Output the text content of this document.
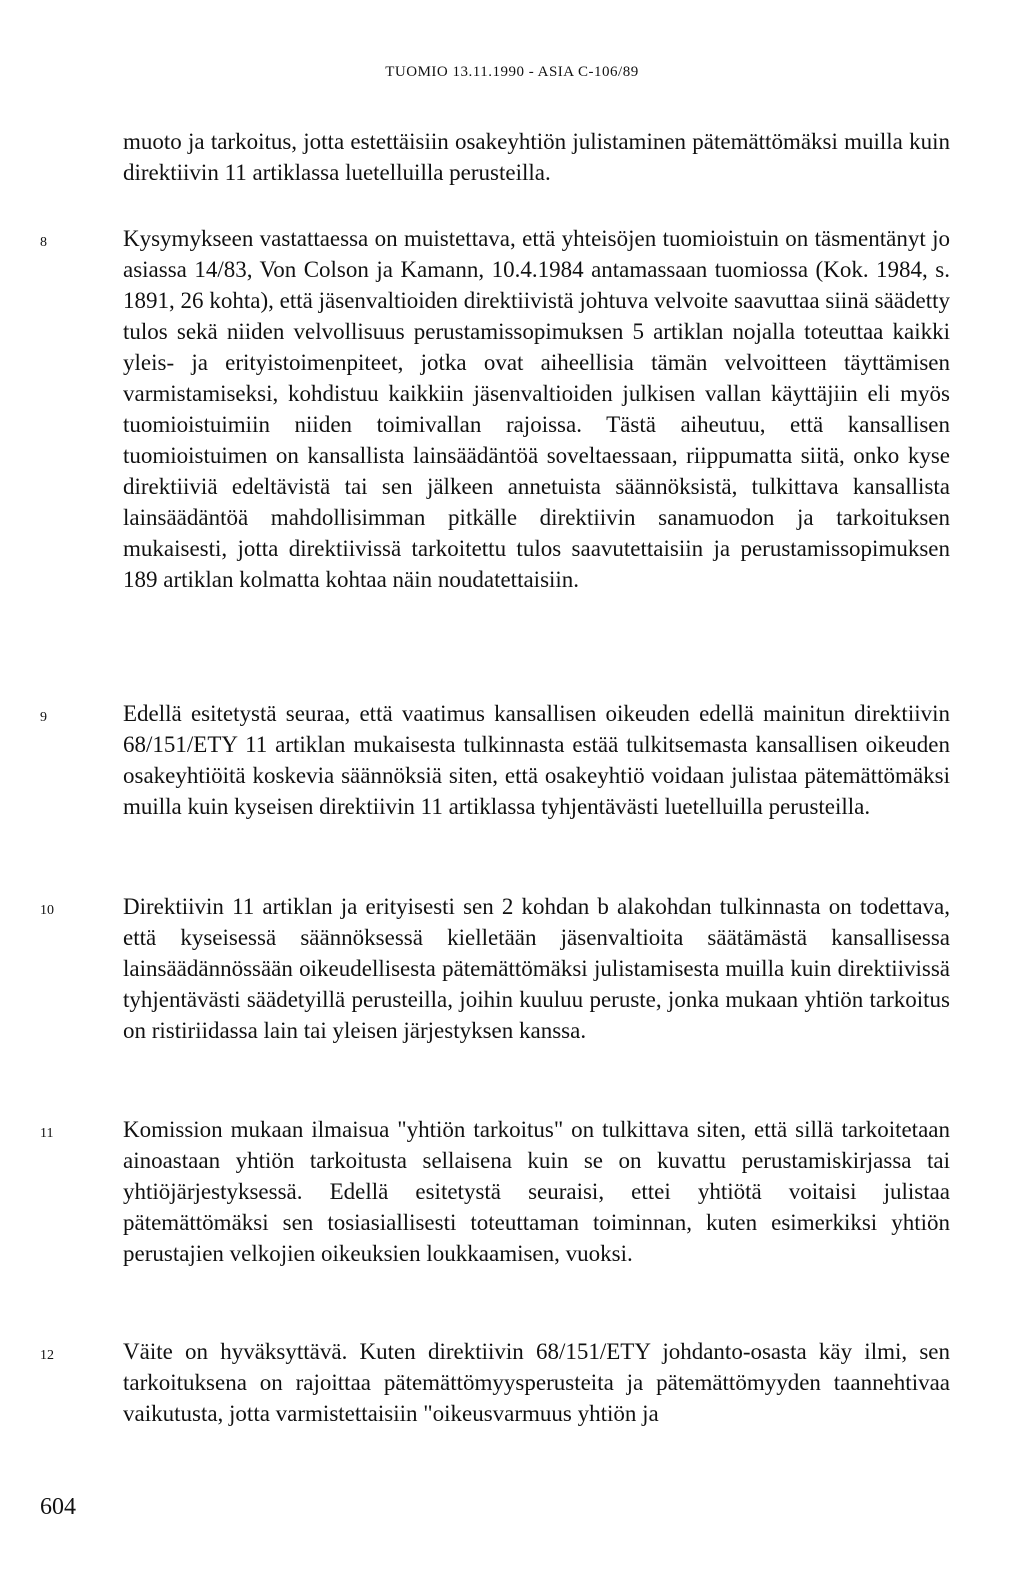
TUOMIO 13.11.1990 - ASIA C-106/89

muoto ja tarkoitus, jotta estettäisiin osakeyhtiön julistaminen pätemättömäksi muilla kuin direktiivin 11 artiklassa luetelluilla perusteilla.

8	Kysymykseen vastattaessa on muistettava, että yhteisöjen tuomioistuin on täsmentänyt jo asiassa 14/83, Von Colson ja Kamann, 10.4.1984 antamassaan tuomiossa (Kok. 1984, s. 1891, 26 kohta), että jäsenvaltioiden direktiivistä johtuva velvoite saavuttaa siinä säädetty tulos sekä niiden velvollisuus perustamissopimuksen 5 artiklan nojalla toteuttaa kaikki yleis- ja erityistoimenpiteet, jotka ovat aiheellisia tämän velvoitteen täyttämisen varmistamiseksi, kohdistuu kaikkiin jäsenvaltioiden julkisen vallan käyttäjiin eli myös tuomioistuimiin niiden toimivallan rajoissa. Tästä aiheutuu, että kansallisen tuomioistuimen on kansallista lainsäädäntöä soveltaessaan, riippumatta siitä, onko kyse direktiiviä edeltävistä tai sen jälkeen annetuista säännöksistä, tulkittava kansallista lainsäädäntöä mahdollisimman pitkälle direktiivin sanamuodon ja tarkoituksen mukaisesti, jotta direktiivissä tarkoitettu tulos saavutettaisiin ja perustamissopimuksen 189 artiklan kolmatta kohtaa näin noudatettaisiin.

9	Edellä esitetystä seuraa, että vaatimus kansallisen oikeuden edellä mainitun direktiivin 68/151/ETY 11 artiklan mukaisesta tulkinnasta estää tulkitsemasta kansallisen oikeuden osakeyhtiöitä koskevia säännöksiä siten, että osakeyhtiö voidaan julistaa pätemättömäksi muilla kuin kyseisen direktiivin 11 artiklassa tyhjentävästi luetelluilla perusteilla.

10	Direktiivin 11 artiklan ja erityisesti sen 2 kohdan b alakohdan tulkinnasta on todettava, että kyseisessä säännöksessä kielletään jäsenvaltioita säätämästä kansallisessa lainsäädännössään oikeudellisesta pätemättömäksi julistamisesta muilla kuin direktiivissä tyhjentävästi säädetyillä perusteilla, joihin kuuluu peruste, jonka mukaan yhtiön tarkoitus on ristiriidassa lain tai yleisen järjestyksen kanssa.

11	Komission mukaan ilmaisua "yhtiön tarkoitus" on tulkittava siten, että sillä tarkoitetaan ainoastaan yhtiön tarkoitusta sellaisena kuin se on kuvattu perustamiskirjassa tai yhtiöjärjestyksessä. Edellä esitetystä seuraisi, ettei yhtiötä voitaisi julistaa pätemättömäksi sen tosiasiallisesti toteuttaman toiminnan, kuten esimerkiksi yhtiön perustajien velkojien oikeuksien loukkaamisen, vuoksi.

12	Väite on hyväksyttävä. Kuten direktiivin 68/151/ETY johdanto-osasta käy ilmi, sen tarkoituksena on rajoittaa pätemättömyysperusteita ja pätemättömyyden taannehtivaa vaikutusta, jotta varmistettaisiin "oikeusvarmuus yhtiön ja

604
